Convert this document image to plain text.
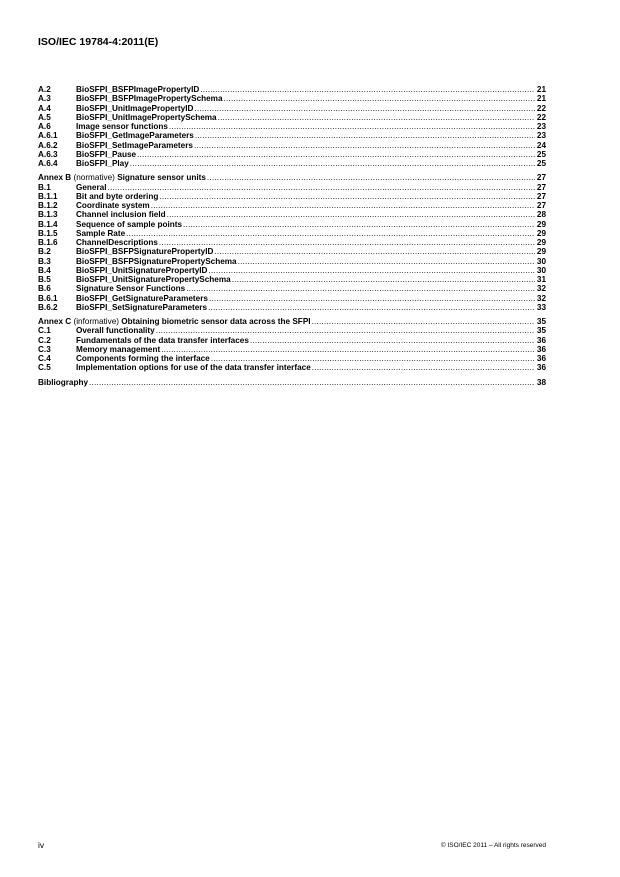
ISO/IEC 19784-4:2011(E)
A.2	BioSFPI_BSFPImagePropertyID .....	21
A.3	BioSFPI_BSFPImagePropertySchema .....	21
A.4	BioSFPI_UnitImagePropertyID .....	22
A.5	BioSFPI_UnitImagePropertySchema .....	22
A.6	Image sensor functions .....	23
A.6.1	BioSFPI_GetImageParameters .....	23
A.6.2	BioSFPI_SetImageParameters .....	24
A.6.3	BioSFPI_Pause .....	25
A.6.4	BioSFPI_Play .....	25
Annex B (normative) Signature sensor units .....	27
B.1	General .....	27
B.1.1	Bit and byte ordering .....	27
B.1.2	Coordinate system .....	27
B.1.3	Channel inclusion field .....	28
B.1.4	Sequence of sample points .....	29
B.1.5	Sample Rate .....	29
B.1.6	ChannelDescriptions .....	29
B.2	BioSFPI_BSFPSignaturePropertyID .....	29
B.3	BioSFPI_BSFPSignaturePropertySchema .....	30
B.4	BioSFPI_UnitSignaturePropertyID .....	30
B.5	BioSFPI_UnitSignaturePropertySchema .....	31
B.6	Signature Sensor Functions .....	32
B.6.1	BioSFPI_GetSignatureParameters .....	32
B.6.2	BioSFPI_SetSignatureParameters .....	33
Annex C (informative) Obtaining biometric sensor data across the SFPI .....	35
C.1	Overall functionality .....	35
C.2	Fundamentals of the data transfer interfaces .....	36
C.3	Memory management .....	36
C.4	Components forming the interface .....	36
C.5	Implementation options for use of the data transfer interface .....	36
Bibliography .....	38
iv	© ISO/IEC 2011 – All rights reserved
